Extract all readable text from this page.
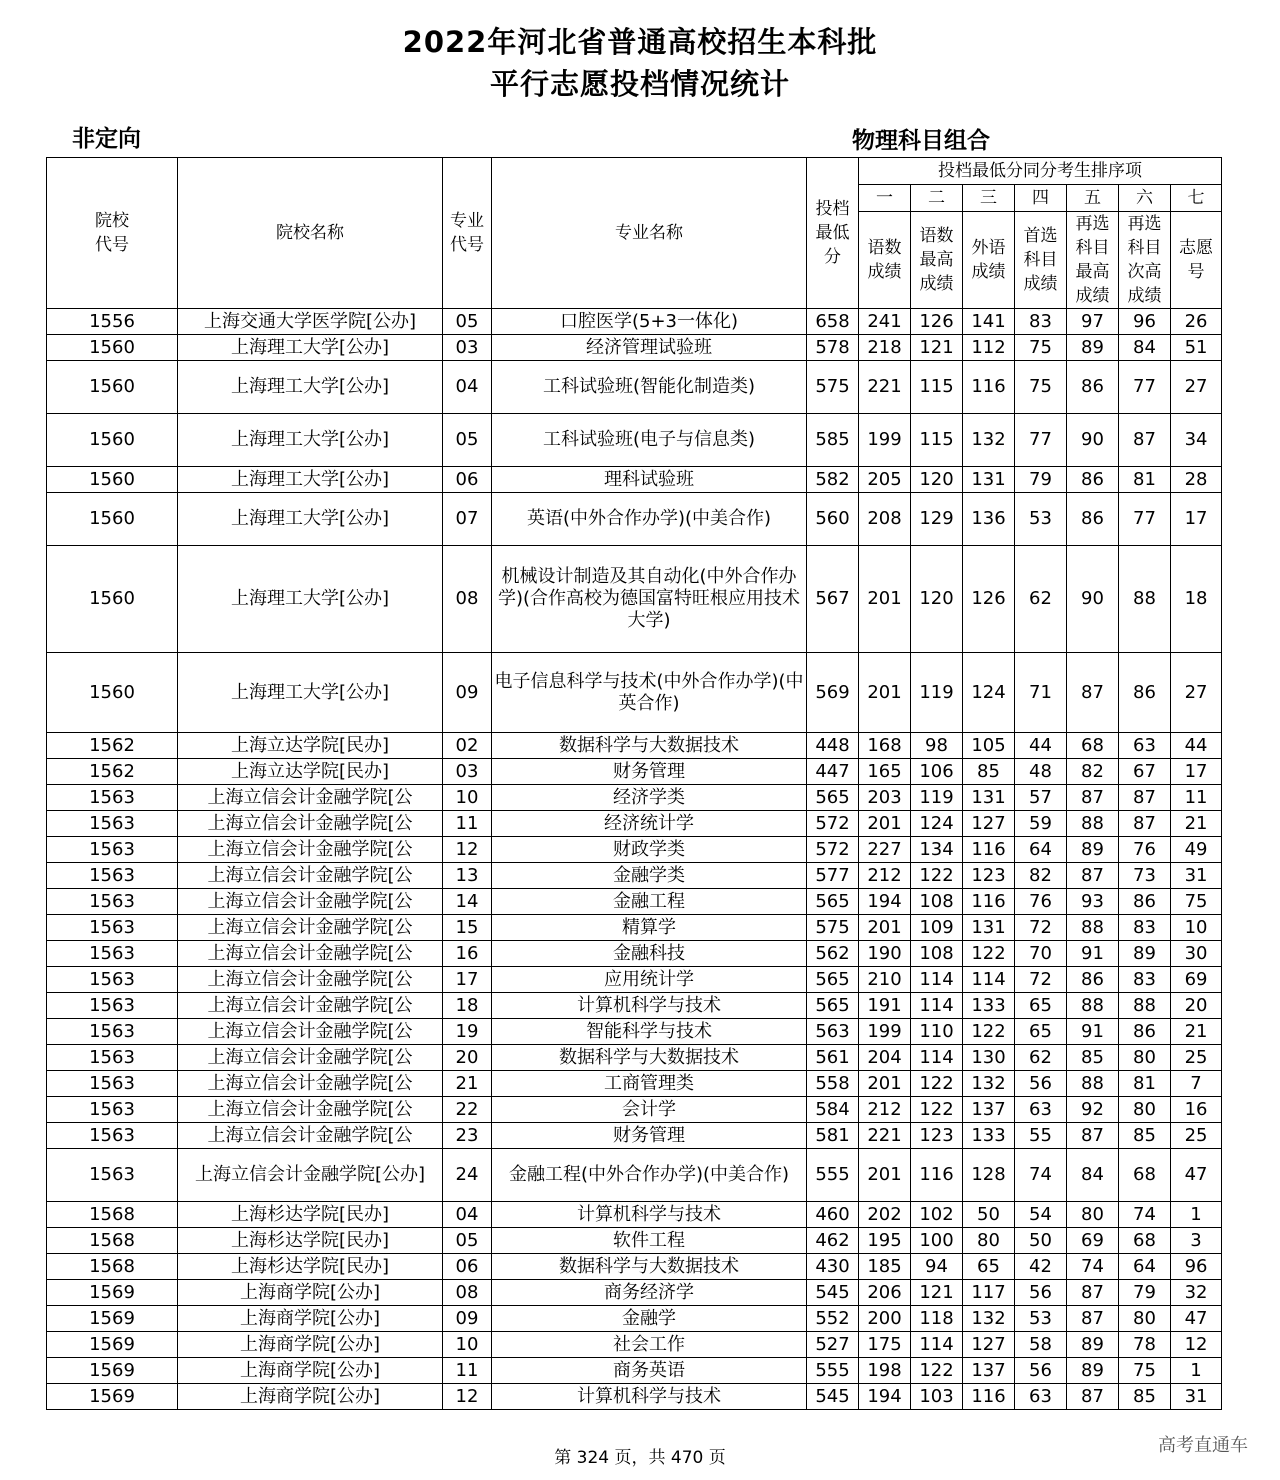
2022年河北省普通高校招生本科批
平行志愿投档情况统计
非定向	物理科目组合
院校代号	院校名称	专业代号	专业名称	投档最低分	投档最低分同分考生排序项						
					一	二	三	四	五	六	七

					语数成绩	语数最高成绩	外语成绩	首选科目成绩	再选科目最高成绩	再选科目次高成绩	志愿号

1556	上海交通大学医学院[公办]	05	口腔医学(5+3一体化)	658	241	126	141	83	97	96	26
1560	上海理工大学[公办]	03	经济管理试验班	578	218	121	112	75	89	84	51
1560	上海理工大学[公办]	04	工科试验班(智能化制造类)	575	221	115	116	75	86	77	27
1560	上海理工大学[公办]	05	工科试验班(电子与信息类)	585	199	115	132	77	90	87	34
1560	上海理工大学[公办]	06	理科试验班	582	205	120	131	79	86	81	28
1560	上海理工大学[公办]	07	英语(中外合作办学)(中美合作)	560	208	129	136	53	86	77	17
1560	上海理工大学[公办]	08	机械设计制造及其自动化(中外合作办学)(合作高校为德国富特旺根应用技术大学)	567	201	120	126	62	90	88	18
1560	上海理工大学[公办]	09	电子信息科学与技术(中外合作办学)(中英合作)	569	201	119	124	71	87	86	27
1562	上海立达学院[民办]	02	数据科学与大数据技术	448	168	98	105	44	68	63	44
1562	上海立达学院[民办]	03	财务管理	447	165	106	85	48	82	67	17
1563	上海立信会计金融学院[公	10	经济学类	565	203	119	131	57	87	87	11
1563	上海立信会计金融学院[公	11	经济统计学	572	201	124	127	59	88	87	21
1563	上海立信会计金融学院[公	12	财政学类	572	227	134	116	64	89	76	49
1563	上海立信会计金融学院[公	13	金融学类	577	212	122	123	82	87	73	31
1563	上海立信会计金融学院[公	14	金融工程	565	194	108	116	76	93	86	75
1563	上海立信会计金融学院[公	15	精算学	575	201	109	131	72	88	83	10
1563	上海立信会计金融学院[公	16	金融科技	562	190	108	122	70	91	89	30
1563	上海立信会计金融学院[公	17	应用统计学	565	210	114	114	72	86	83	69
1563	上海立信会计金融学院[公	18	计算机科学与技术	565	191	114	133	65	88	88	20
1563	上海立信会计金融学院[公	19	智能科学与技术	563	199	110	122	65	91	86	21
1563	上海立信会计金融学院[公	20	数据科学与大数据技术	561	204	114	130	62	85	80	25
1563	上海立信会计金融学院[公	21	工商管理类	558	201	122	132	56	88	81	7
1563	上海立信会计金融学院[公	22	会计学	584	212	122	137	63	92	80	16
1563	上海立信会计金融学院[公	23	财务管理	581	221	123	133	55	87	85	25
1563	上海立信会计金融学院[公办]	24	金融工程(中外合作办学)(中美合作)	555	201	116	128	74	84	68	47
1568	上海杉达学院[民办]	04	计算机科学与技术	460	202	102	50	54	80	74	1
1568	上海杉达学院[民办]	05	软件工程	462	195	100	80	50	69	68	3
1568	上海杉达学院[民办]	06	数据科学与大数据技术	430	185	94	65	42	74	64	96
1569	上海商学院[公办]	08	商务经济学	545	206	121	117	56	87	79	32
1569	上海商学院[公办]	09	金融学	552	200	118	132	53	87	80	47
1569	上海商学院[公办]	10	社会工作	527	175	114	127	58	89	78	12
1569	上海商学院[公办]	11	商务英语	555	198	122	137	56	89	75	1
1569	上海商学院[公办]	12	计算机科学与技术	545	194	103	116	63	87	85	31
第 324 页，共 470 页
高考直通车
